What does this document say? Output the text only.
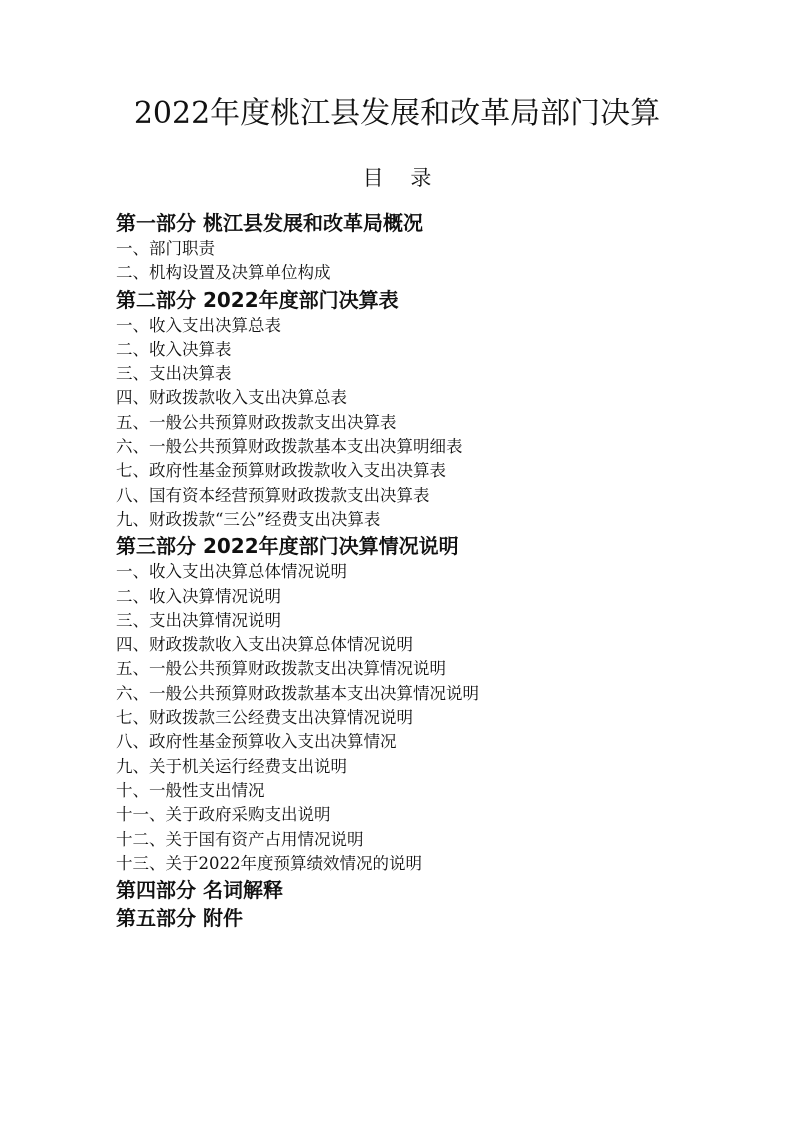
2022年度桃江县发展和改革局部门决算
目 录
第一部分 桃江县发展和改革局概况
一、部门职责
二、机构设置及决算单位构成
第二部分 2022年度部门决算表
一、收入支出决算总表
二、收入决算表
三、支出决算表
四、财政拨款收入支出决算总表
五、一般公共预算财政拨款支出决算表
六、一般公共预算财政拨款基本支出决算明细表
七、政府性基金预算财政拨款收入支出决算表
八、国有资本经营预算财政拨款支出决算表
九、财政拨款“三公”经费支出决算表
第三部分 2022年度部门决算情况说明
一、收入支出决算总体情况说明
二、收入决算情况说明
三、支出决算情况说明
四、财政拨款收入支出决算总体情况说明
五、一般公共预算财政拨款支出决算情况说明
六、一般公共预算财政拨款基本支出决算情况说明
七、财政拨款三公经费支出决算情况说明
八、政府性基金预算收入支出决算情况
九、关于机关运行经费支出说明
十、一般性支出情况
十一、关于政府采购支出说明
十二、关于国有资产占用情况说明
十三、关于2022年度预算绩效情况的说明
第四部分 名词解释
第五部分 附件
